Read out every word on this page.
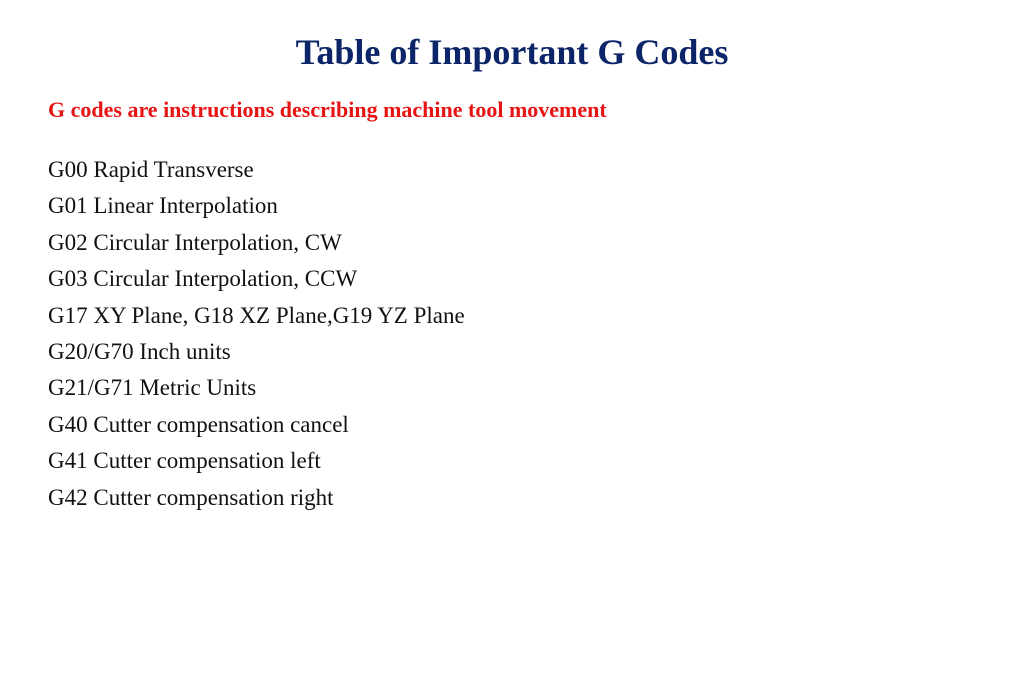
Table of Important G Codes

G codes are instructions describing machine tool movement

G00 Rapid Transverse
G01 Linear Interpolation
G02 Circular Interpolation, CW
G03 Circular Interpolation, CCW
G17 XY Plane, G18 XZ Plane,G19 YZ Plane
G20/G70 Inch units
G21/G71 Metric Units
G40 Cutter compensation cancel
G41 Cutter compensation left
G42 Cutter compensation right
